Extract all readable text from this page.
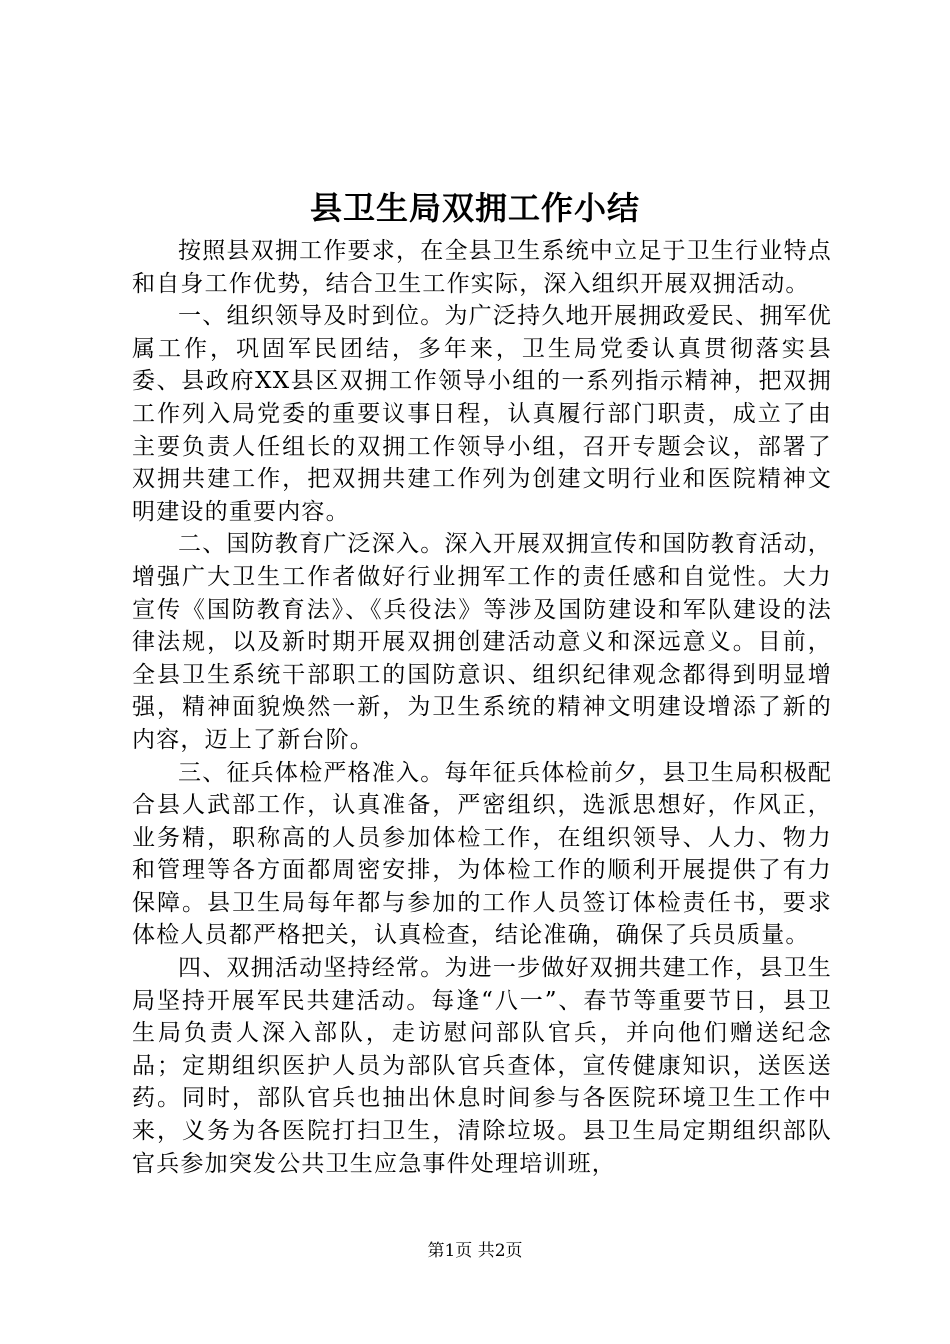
县卫生局双拥工作小结

按照县双拥工作要求，在全县卫生系统中立足于卫生行业特点和自身工作优势，结合卫生工作实际，深入组织开展双拥活动。

一、组织领导及时到位。为广泛持久地开展拥政爱民、拥军优属工作，巩固军民团结，多年来，卫生局党委认真贯彻落实县委、县政府XX县区双拥工作领导小组的一系列指示精神，把双拥工作列入局党委的重要议事日程，认真履行部门职责，成立了由主要负责人任组长的双拥工作领导小组，召开专题会议，部署了双拥共建工作，把双拥共建工作列为创建文明行业和医院精神文明建设的重要内容。

二、国防教育广泛深入。深入开展双拥宣传和国防教育活动，增强广大卫生工作者做好行业拥军工作的责任感和自觉性。大力宣传《国防教育法》、《兵役法》等涉及国防建设和军队建设的法律法规，以及新时期开展双拥创建活动意义和深远意义。目前，全县卫生系统干部职工的国防意识、组织纪律观念都得到明显增强，精神面貌焕然一新，为卫生系统的精神文明建设增添了新的内容，迈上了新台阶。

三、征兵体检严格准入。每年征兵体检前夕，县卫生局积极配合县人武部工作，认真准备，严密组织，选派思想好，作风正，业务精，职称高的人员参加体检工作，在组织领导、人力、物力和管理等各方面都周密安排，为体检工作的顺利开展提供了有力保障。县卫生局每年都与参加的工作人员签订体检责任书，要求体检人员都严格把关，认真检查，结论准确，确保了兵员质量。

四、双拥活动坚持经常。为进一步做好双拥共建工作，县卫生局坚持开展军民共建活动。每逢“八一”、春节等重要节日，县卫生局负责人深入部队，走访慰问部队官兵，并向他们赠送纪念品；定期组织医护人员为部队官兵查体，宣传健康知识，送医送药。同时，部队官兵也抽出休息时间参与各医院环境卫生工作中来，义务为各医院打扫卫生，清除垃圾。县卫生局定期组织部队官兵参加突发公共卫生应急事件处理培训班，

第1页 共2页
